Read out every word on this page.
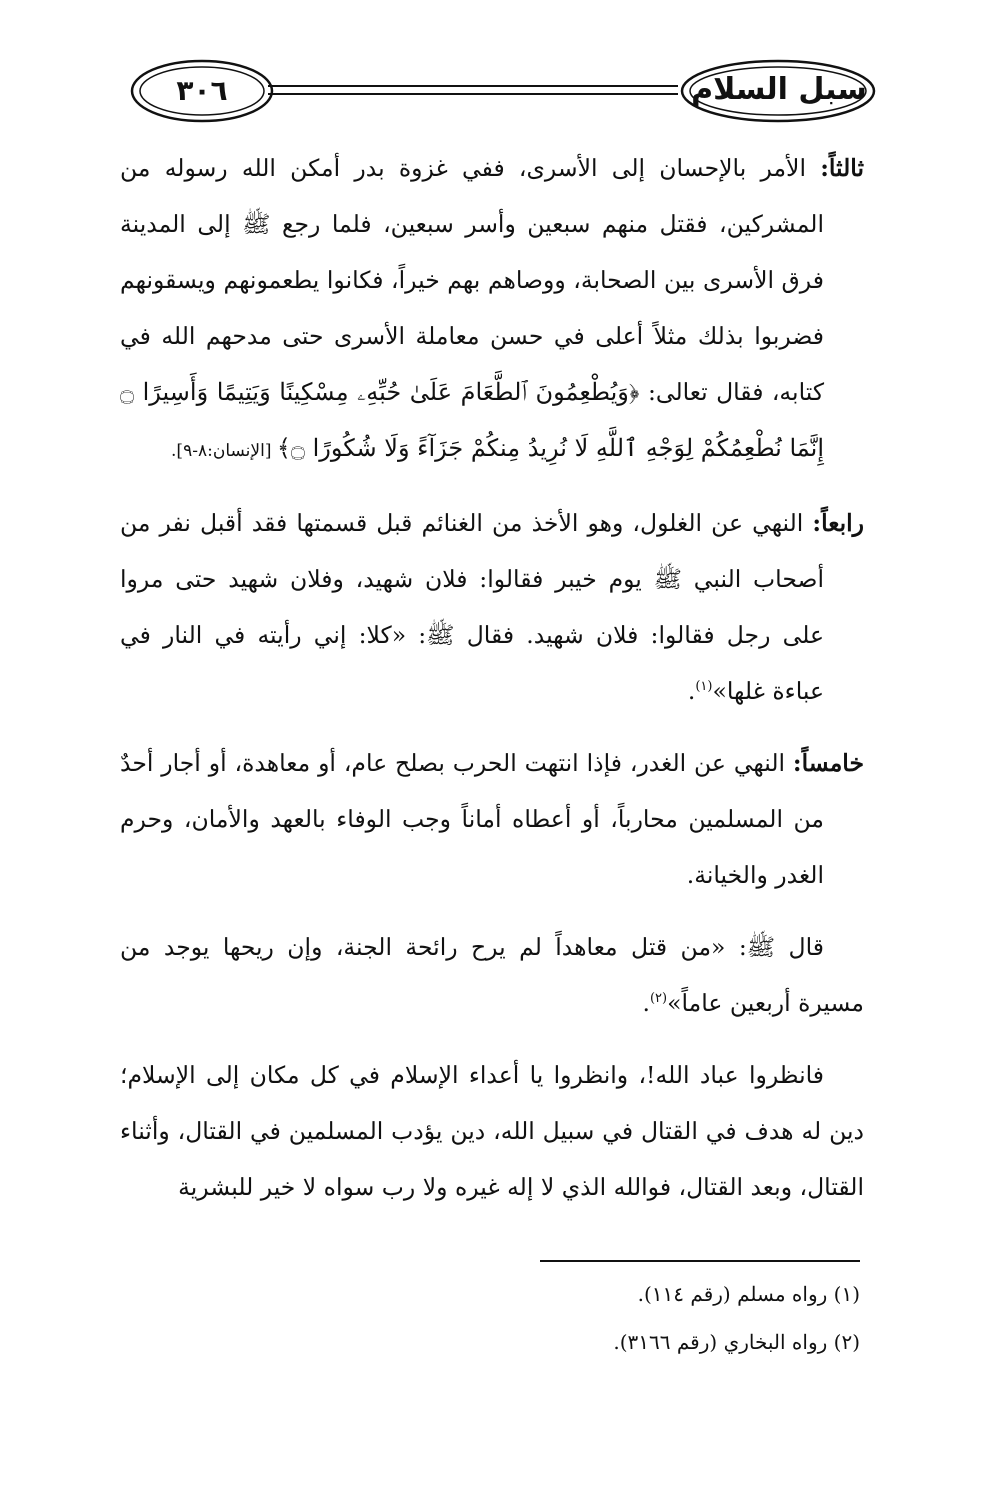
٣٠٦	سبل السلام

ثالثاً: الأمر بالإحسان إلى الأسرى، ففي غزوة بدر أمكن الله رسوله من المشركين، فقتل منهم سبعين وأسر سبعين، فلما رجع ﷺ إلى المدينة فرق الأسرى بين الصحابة، ووصاهم بهم خيراً، فكانوا يطعمونهم ويسقونهم فضربوا بذلك مثلاً أعلى في حسن معاملة الأسرى حتى مدحهم الله في كتابه، فقال تعالى: ﴿وَيُطْعِمُونَ ٱلطَّعَامَ عَلَىٰ حُبِّهِۦ مِسْكِينًا وَيَتِيمًا وَأَسِيرًا ۝ إِنَّمَا نُطْعِمُكُمْ لِوَجْهِ ٱللَّهِ لَا نُرِيدُ مِنكُمْ جَزَآءً وَلَا شُكُورًا ۝﴾ [الإنسان:٨-٩].

رابعاً: النهي عن الغلول، وهو الأخذ من الغنائم قبل قسمتها فقد أقبل نفر من أصحاب النبي ﷺ يوم خيبر فقالوا: فلان شهيد، وفلان شهيد حتى مروا على رجل فقالوا: فلان شهيد. فقال ﷺ: «كلا: إني رأيته في النار في عباءة غلها»$^{(١)}$.

خامساً: النهي عن الغدر، فإذا انتهت الحرب بصلح عام، أو معاهدة، أو أجار أحدٌ من المسلمين محارباً، أو أعطاه أماناً وجب الوفاء بالعهد والأمان، وحرم الغدر والخيانة.

قال ﷺ: «من قتل معاهداً لم يرح رائحة الجنة، وإن ريحها يوجد من مسيرة أربعين عاماً»$^{(٢)}$.

فانظروا عباد الله!، وانظروا يا أعداء الإسلام في كل مكان إلى الإسلام؛ دين له هدف في القتال في سبيل الله، دين يؤدب المسلمين في القتال، وأثناء القتال، وبعد القتال، فوالله الذي لا إله غيره ولا رب سواه لا خير للبشرية

(١) رواه مسلم (رقم ١١٤).

(٢) رواه البخاري (رقم ٣١٦٦).
